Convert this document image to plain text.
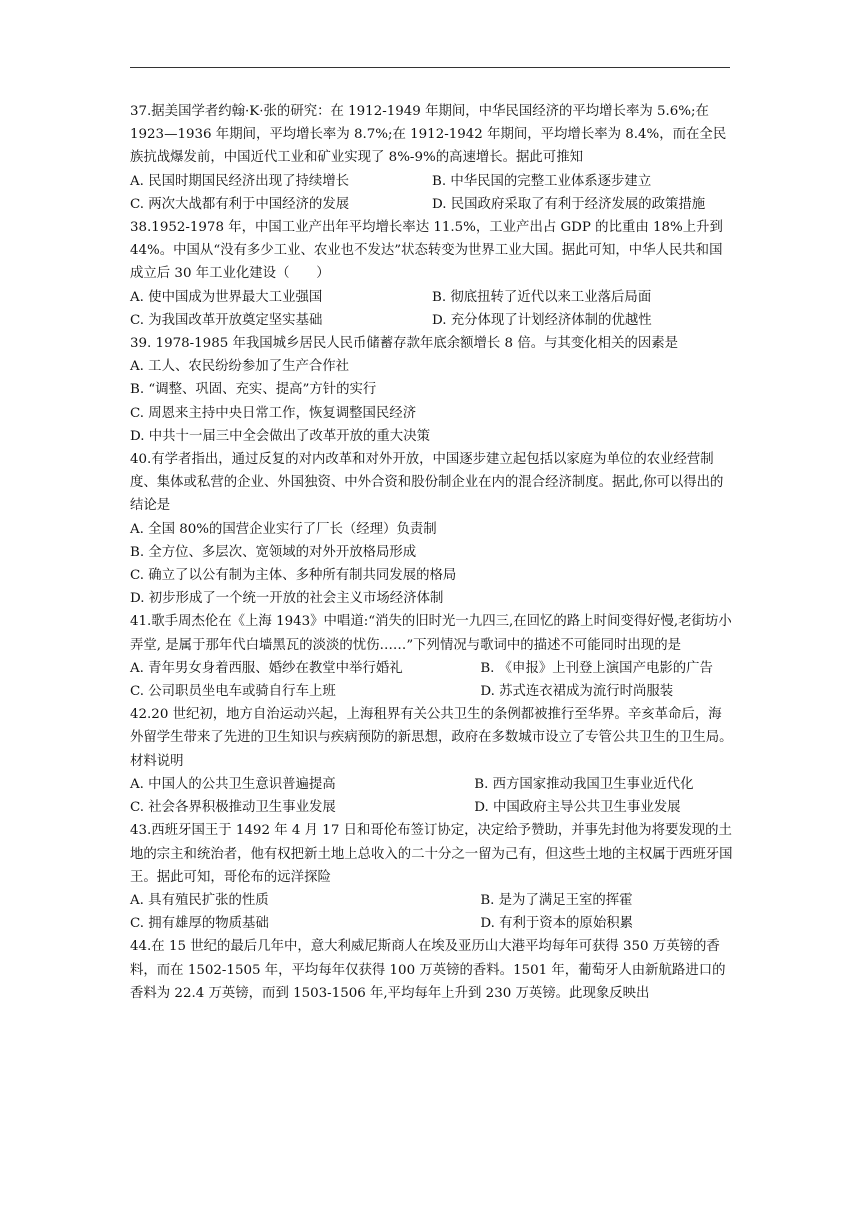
37.据美国学者约翰·K·张的研究：在 1912-1949 年期间，中华民国经济的平均增长率为 5.6%;在 1923—1936 年期间，平均增长率为 8.7%;在 1912-1942 年期间，平均增长率为 8.4%，而在全民族抗战爆发前，中国近代工业和矿业实现了 8%-9%的高速增长。据此可推知

A. 民国时期国民经济出现了持续增长	B. 中华民国的完整工业体系逐步建立
C. 两次大战都有利于中国经济的发展	D. 民国政府采取了有利于经济发展的政策措施

38.1952-1978 年，中国工业产出年平均增长率达 11.5%，工业产出占 GDP 的比重由 18%上升到 44%。中国从“没有多少工业、农业也不发达”状态转变为世界工业大国。据此可知，中华人民共和国成立后 30 年工业化建设（　　）

A. 使中国成为世界最大工业强国	B. 彻底扭转了近代以来工业落后局面
C. 为我国改革开放奠定坚实基础	D. 充分体现了计划经济体制的优越性

39. 1978-1985 年我国城乡居民人民币储蓄存款年底余额增长 8 倍。与其变化相关的因素是

A. 工人、农民纷纷参加了生产合作社

B. “调整、巩固、充实、提高”方针的实行

C. 周恩来主持中央日常工作，恢复调整国民经济

D. 中共十一届三中全会做出了改革开放的重大决策

40.有学者指出，通过反复的对内改革和对外开放，中国逐步建立起包括以家庭为单位的农业经营制度、集体或私营的企业、外国独资、中外合资和股份制企业在内的混合经济制度。据此,你可以得出的结论是

A. 全国 80%的国营企业实行了厂长（经理）负责制

B. 全方位、多层次、宽领域的对外开放格局形成

C. 确立了以公有制为主体、多种所有制共同发展的格局

D. 初步形成了一个统一开放的社会主义市场经济体制

41.歌手周杰伦在《上海 1943》中唱道:“消失的旧时光一九四三,在回忆的路上时间变得好慢,老街坊小弄堂, 是属于那年代白墙黑瓦的淡淡的忧伤……”下列情况与歌词中的描述不可能同时出现的是

A. 青年男女身着西服、婚纱在教堂中举行婚礼	B. 《申报》上刊登上演国产电影的广告
C. 公司职员坐电车或骑自行车上班	D. 苏式连衣裙成为流行时尚服装

42.20 世纪初，地方自治运动兴起，上海租界有关公共卫生的条例都被推行至华界。辛亥革命后，海外留学生带来了先进的卫生知识与疾病预防的新思想，政府在多数城市设立了专管公共卫生的卫生局。材料说明

A. 中国人的公共卫生意识普遍提高	B. 西方国家推动我国卫生事业近代化
C. 社会各界积极推动卫生事业发展	D. 中国政府主导公共卫生事业发展

43.西班牙国王于 1492 年 4 月 17 日和哥伦布签订协定，决定给予赞助，并事先封他为将要发现的土地的宗主和统治者，他有权把新土地上总收入的二十分之一留为己有，但这些土地的主权属于西班牙国王。据此可知，哥伦布的远洋探险

A. 具有殖民扩张的性质	B. 是为了满足王室的挥霍
C. 拥有雄厚的物质基础	D. 有利于资本的原始积累

44.在 15 世纪的最后几年中，意大利威尼斯商人在埃及亚历山大港平均每年可获得 350 万英镑的香料，而在 1502-1505 年，平均每年仅获得 100 万英镑的香料。1501 年，葡萄牙人由新航路进口的香料为 22.4 万英镑，而到 1503-1506 年,平均每年上升到 230 万英镑。此现象反映出
